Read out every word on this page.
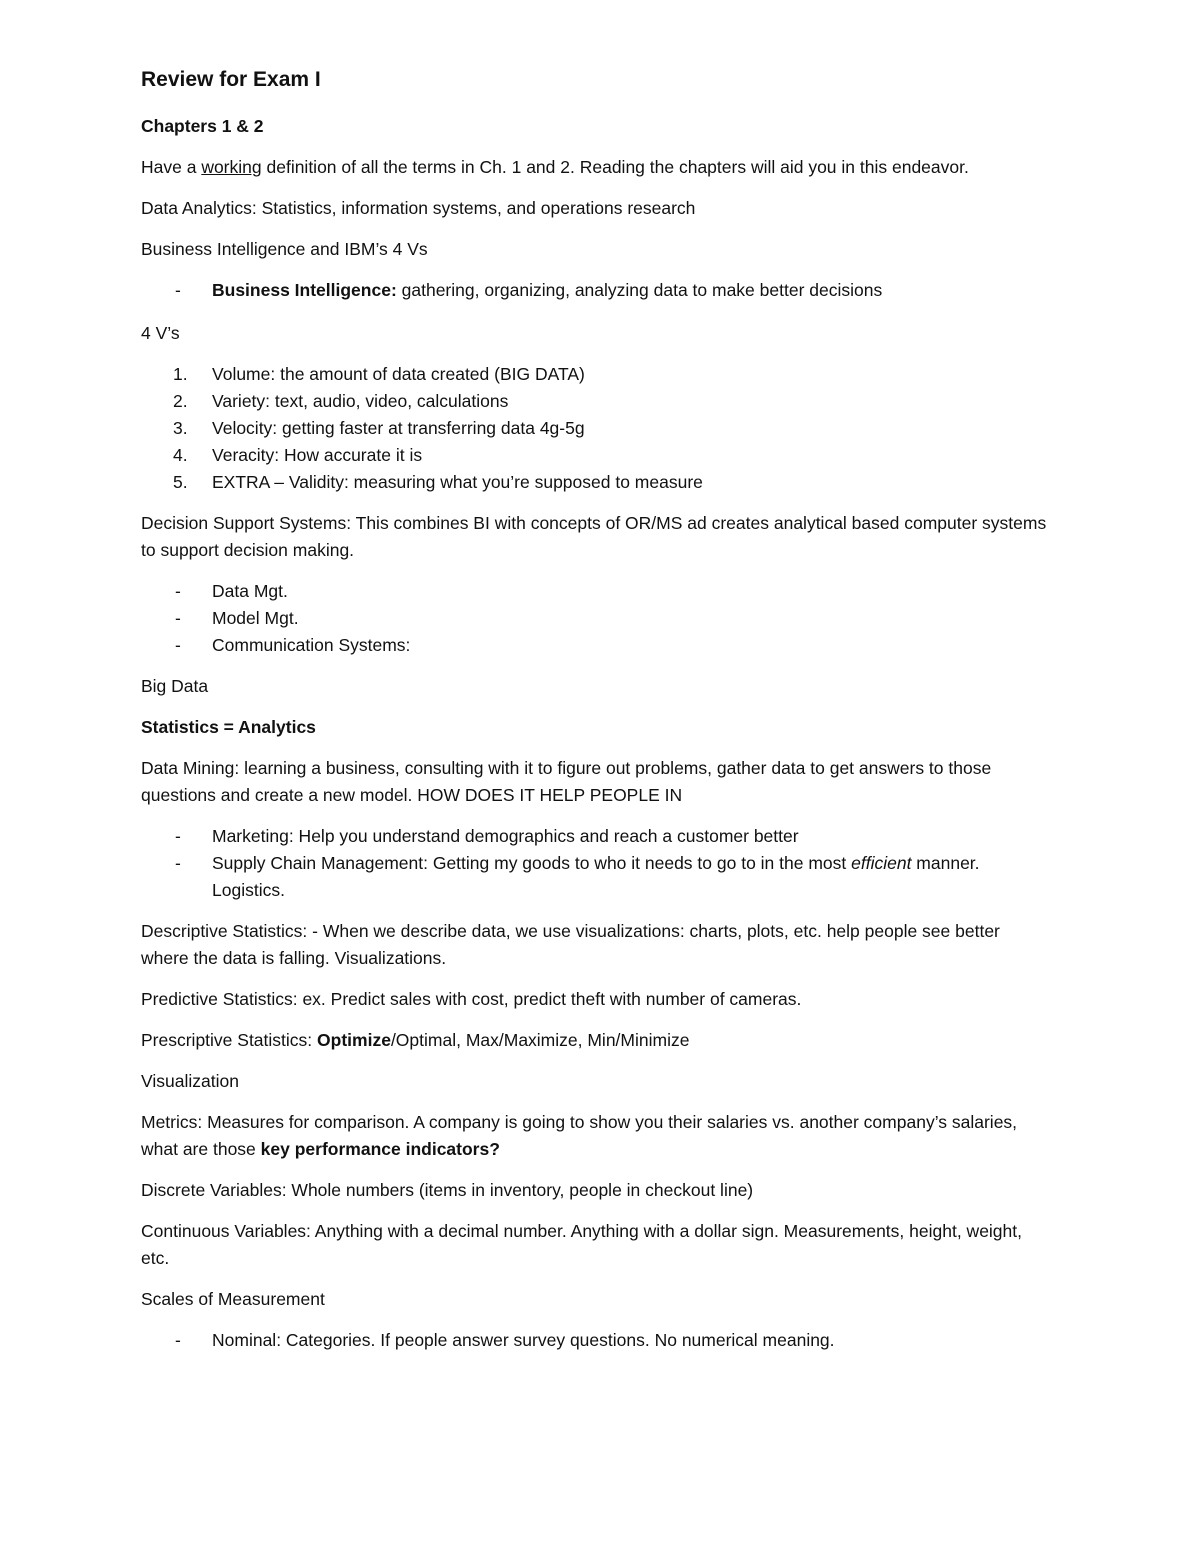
Review for Exam I

Chapters 1 & 2

Have a working definition of all the terms in Ch. 1 and 2. Reading the chapters will aid you in this endeavor.

Data Analytics: Statistics, information systems, and operations research

Business Intelligence and IBM’s 4 Vs

-	Business Intelligence: gathering, organizing, analyzing data to make better decisions

4 V’s

1.	Volume: the amount of data created (BIG DATA)
2.	Variety: text, audio, video, calculations
3.	Velocity: getting faster at transferring data 4g-5g
4.	Veracity: How accurate it is
5.	EXTRA – Validity: measuring what you’re supposed to measure

Decision Support Systems: This combines BI with concepts of OR/MS ad creates analytical based computer systems to support decision making.

-	Data Mgt.
-	Model Mgt.
-	Communication Systems:

Big Data

Statistics = Analytics

Data Mining: learning a business, consulting with it to figure out problems, gather data to get answers to those questions and create a new model. HOW DOES IT HELP PEOPLE IN

-	Marketing: Help you understand demographics and reach a customer better
-	Supply Chain Management: Getting my goods to who it needs to go to in the most efficient manner. Logistics.

Descriptive Statistics: - When we describe data, we use visualizations: charts, plots, etc. help people see better where the data is falling. Visualizations.

Predictive Statistics: ex. Predict sales with cost, predict theft with number of cameras.

Prescriptive Statistics: Optimize/Optimal, Max/Maximize, Min/Minimize

Visualization

Metrics: Measures for comparison. A company is going to show you their salaries vs. another company’s salaries, what are those key performance indicators?

Discrete Variables: Whole numbers (items in inventory, people in checkout line)

Continuous Variables: Anything with a decimal number. Anything with a dollar sign. Measurements, height, weight, etc.

Scales of Measurement

-	Nominal: Categories. If people answer survey questions. No numerical meaning.
